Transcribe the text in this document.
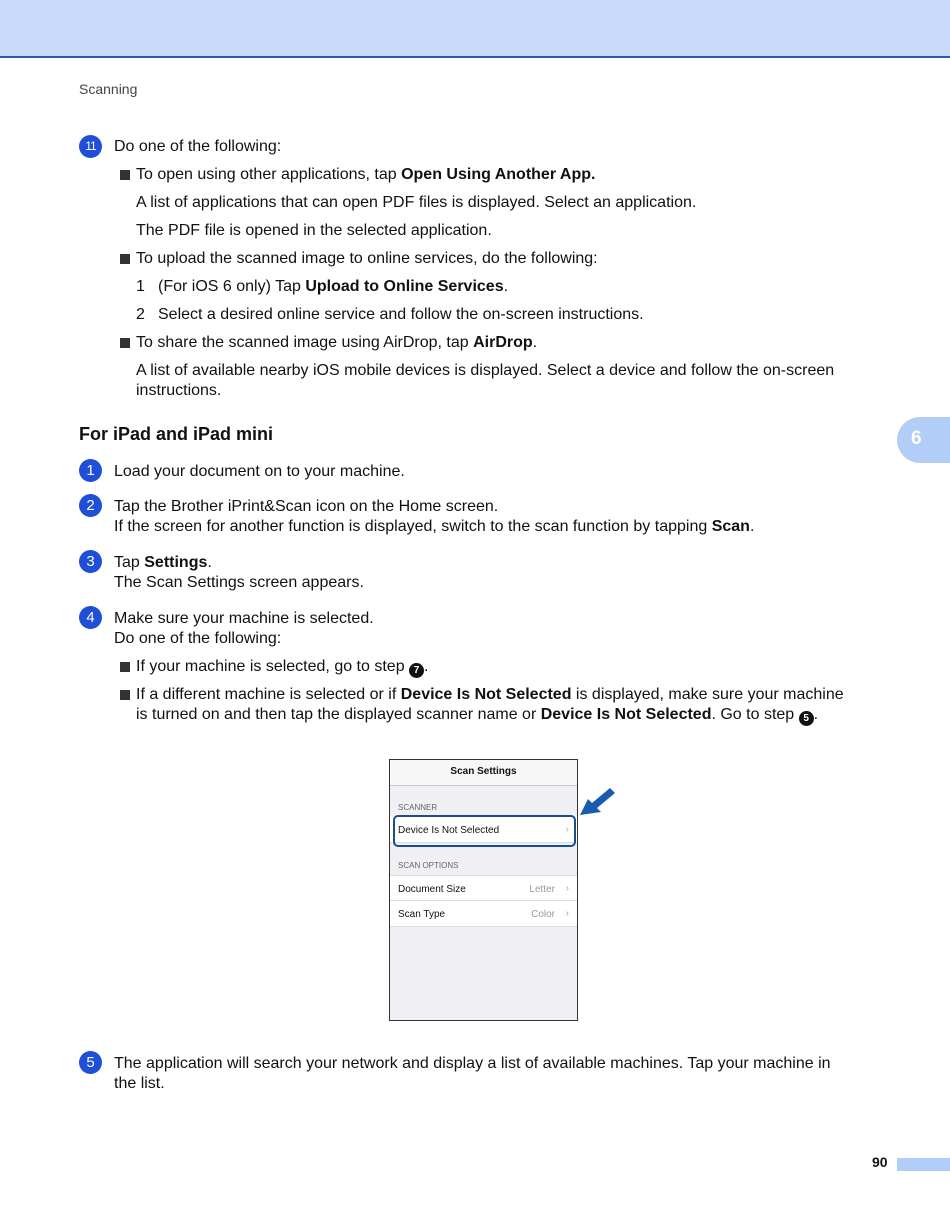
Scanning
6
11	Do one of the following:
To open using other applications, tap Open Using Another App.
A list of applications that can open PDF files is displayed. Select an application.
The PDF file is opened in the selected application.
To upload the scanned image to online services, do the following:
1 (For iOS 6 only) Tap Upload to Online Services.
2 Select a desired online service and follow the on-screen instructions.
To share the scanned image using AirDrop, tap AirDrop.
A list of available nearby iOS mobile devices is displayed. Select a device and follow the on-screen
instructions.
For iPad and iPad mini
1	Load your document on to your machine.
2	Tap the Brother iPrint&Scan icon on the Home screen.
If the screen for another function is displayed, switch to the scan function by tapping Scan.
3	Tap Settings.
The Scan Settings screen appears.
4	Make sure your machine is selected.
Do one of the following:
If your machine is selected, go to step 7 .
If a different machine is selected or if Device Is Not Selected is displayed, make sure your machine
is turned on and then tap the displayed scanner name or Device Is Not Selected. Go to step 5 .
Scan Settings
SCANNER
Device Is Not Selected	›
SCAN OPTIONS
Document Size	Letter ›
Scan Type	Color ›
5	The application will search your network and display a list of available machines. Tap your machine in
the list.
90
